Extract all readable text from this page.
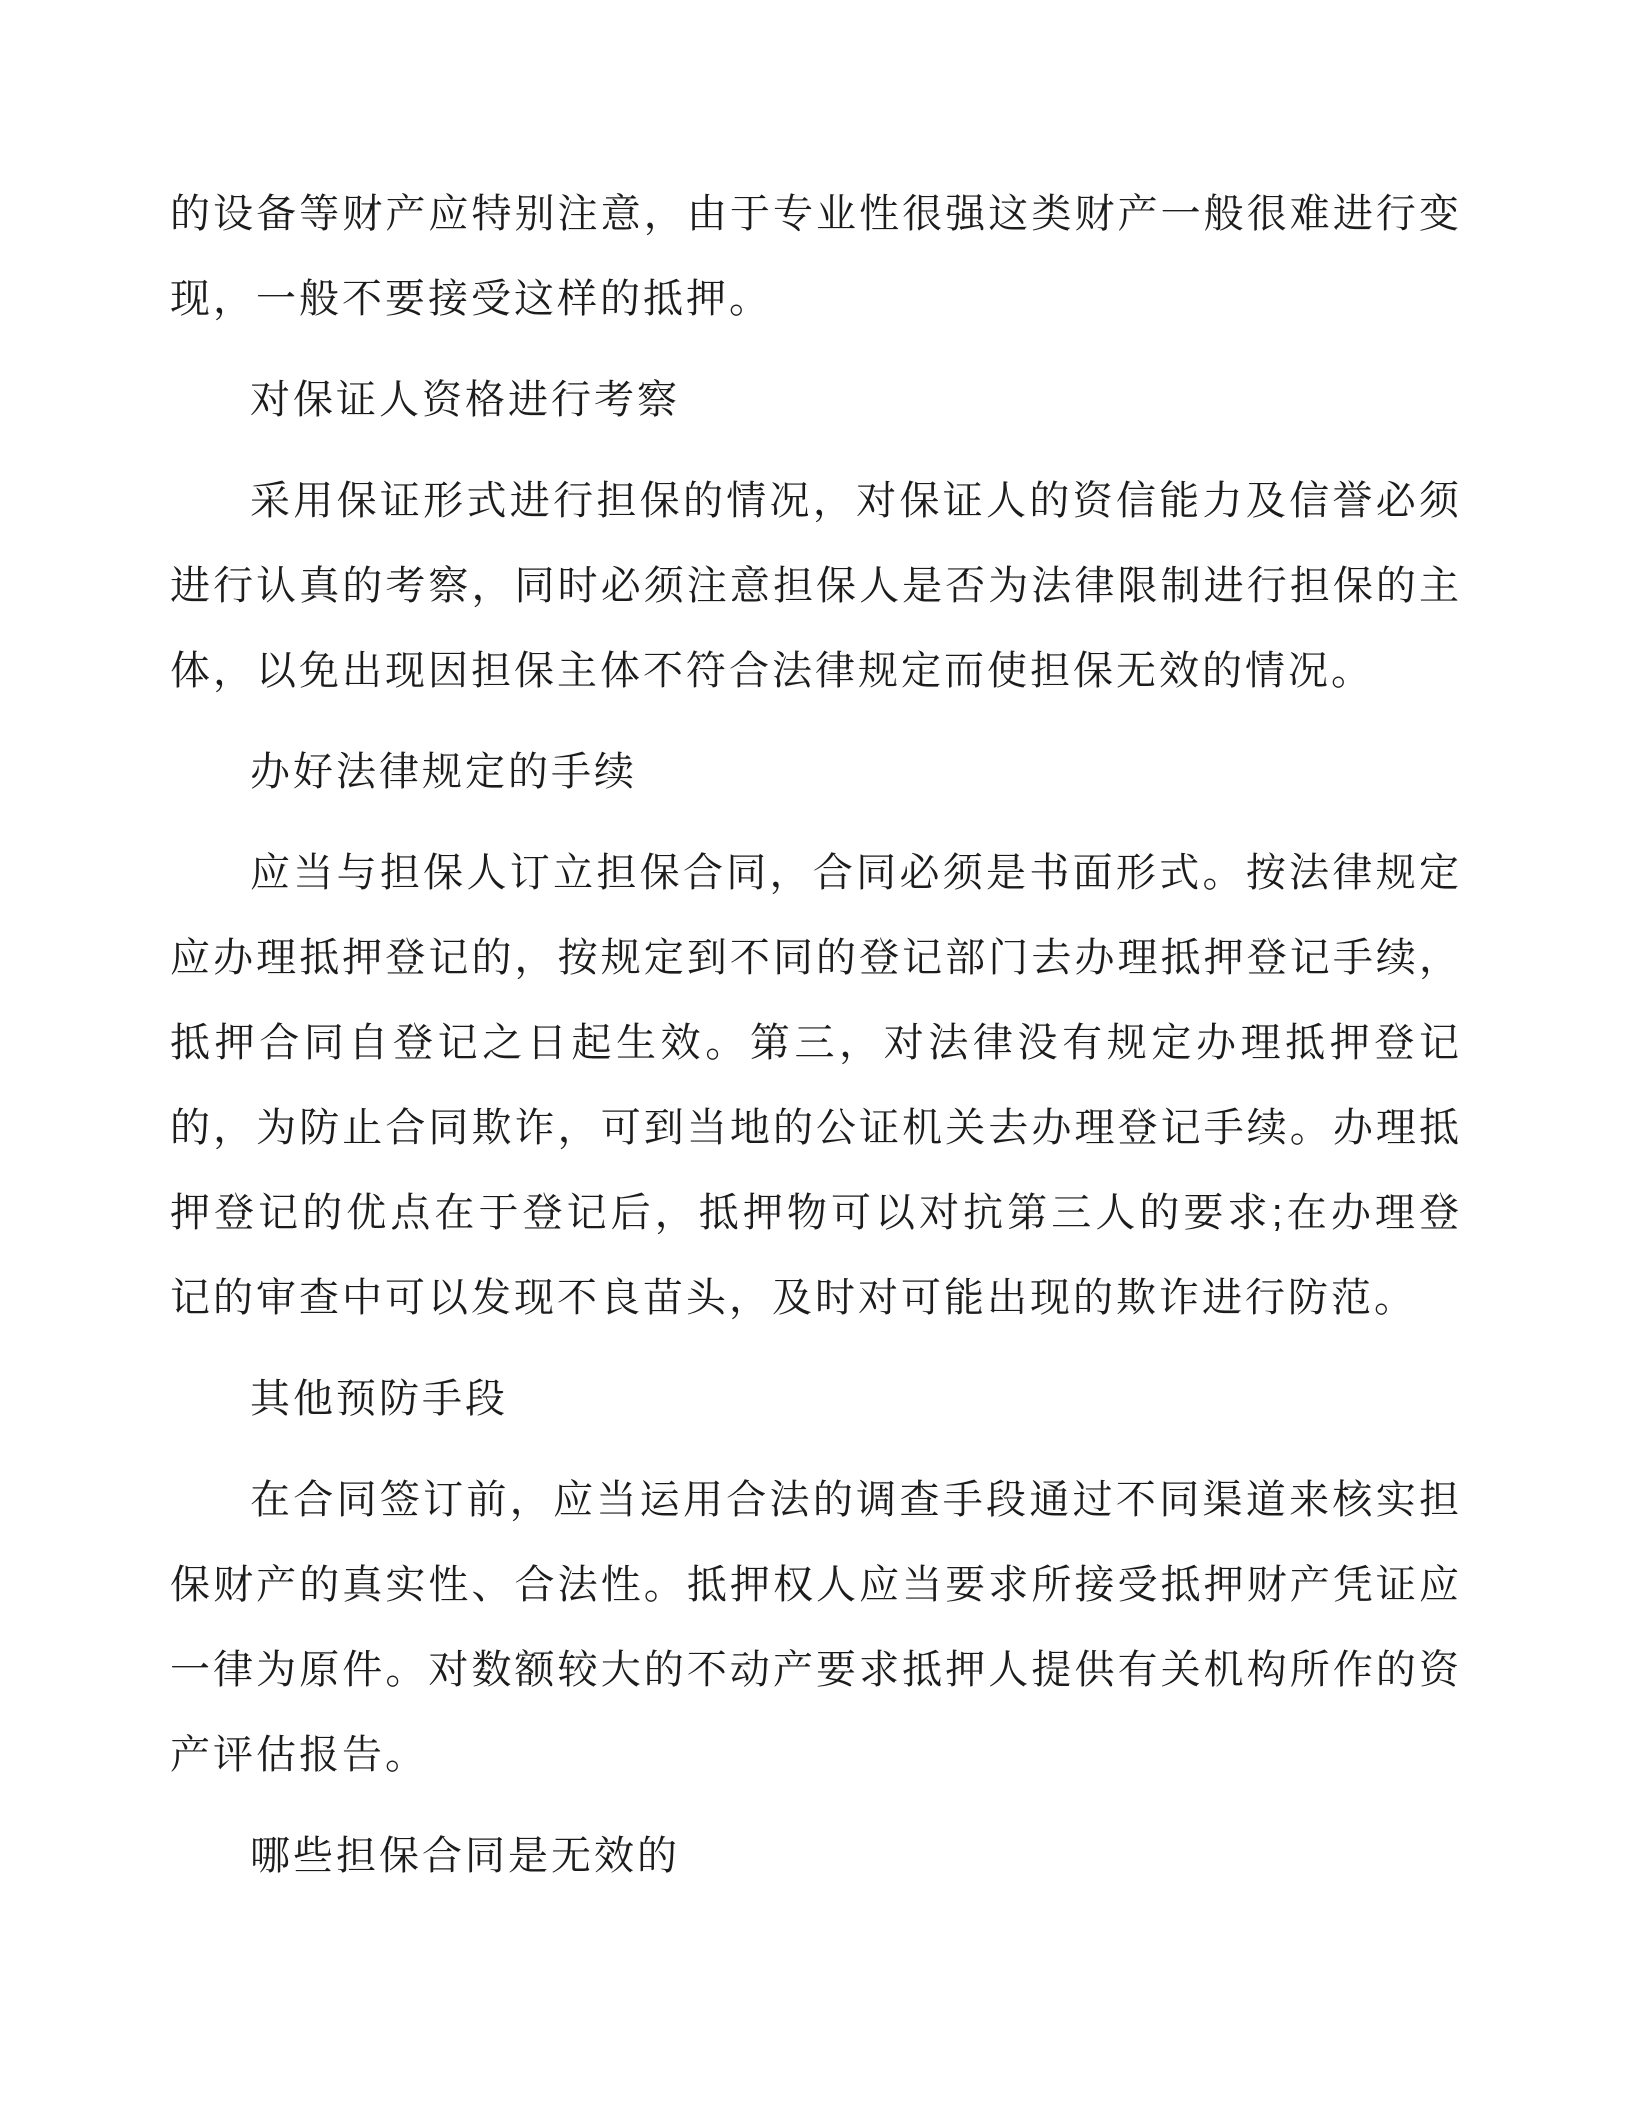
的设备等财产应特别注意，由于专业性很强这类财产一般很难进行变现，一般不要接受这样的抵押。

对保证人资格进行考察

采用保证形式进行担保的情况，对保证人的资信能力及信誉必须进行认真的考察，同时必须注意担保人是否为法律限制进行担保的主体，以免出现因担保主体不符合法律规定而使担保无效的情况。

办好法律规定的手续

应当与担保人订立担保合同，合同必须是书面形式。按法律规定应办理抵押登记的，按规定到不同的登记部门去办理抵押登记手续，抵押合同自登记之日起生效。第三，对法律没有规定办理抵押登记的，为防止合同欺诈，可到当地的公证机关去办理登记手续。办理抵押登记的优点在于登记后，抵押物可以对抗第三人的要求;在办理登记的审查中可以发现不良苗头，及时对可能出现的欺诈进行防范。

其他预防手段

在合同签订前，应当运用合法的调查手段通过不同渠道来核实担保财产的真实性、合法性。抵押权人应当要求所接受抵押财产凭证应一律为原件。对数额较大的不动产要求抵押人提供有关机构所作的资产评估报告。

哪些担保合同是无效的
